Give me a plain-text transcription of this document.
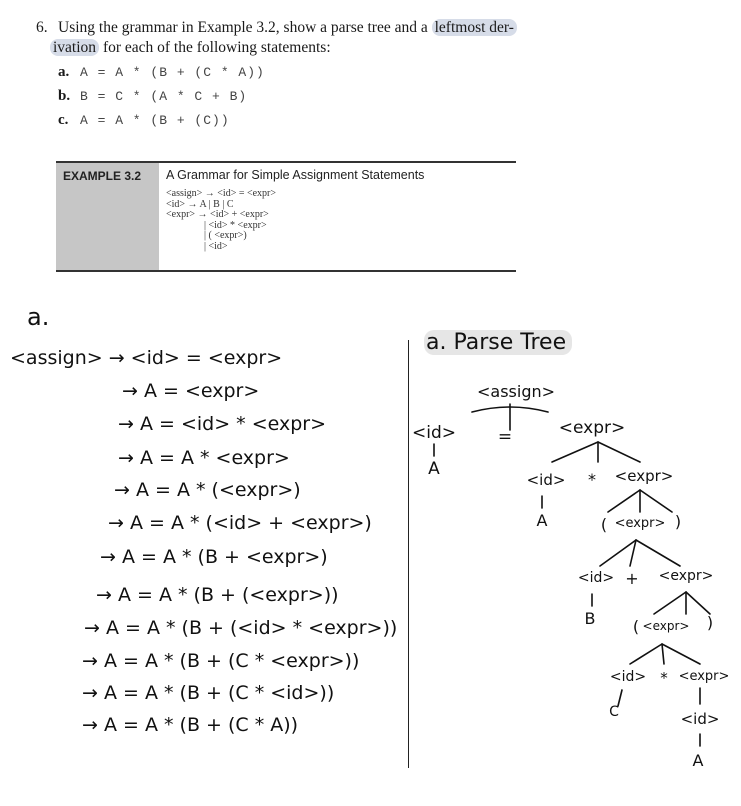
6. Using the grammar in Example 3.2, show a parse tree and a leftmost der-
ivation for each of the following statements:
a. A = A * (B + (C * A))
b. B = C * (A * C + B)
c. A = A * (B + (C))
EXAMPLE 3.2 A Grammar for Simple Assignment Statements
<assign> → <id> = <expr>
<id> → A | B | C
<expr> → <id> + <expr>
| <id> * <expr>
| ( <expr>)
| <id>
a.
<assign> → <id> = <expr>
→ A = <expr>
→ A = <id> * <expr>
→ A = A * <expr>
→ A = A * (<expr>)
→ A = A * (<id> + <expr>)
→ A = A * (B + <expr>)
→ A = A * (B + (<expr>))
→ A = A * (B + (<id> * <expr>))
→ A = A * (B + (C * <expr>))
→ A = A * (B + (C * <id>))
→ A = A * (B + (C * A))
a. Parse Tree
<assign>
<id> =	<expr>
A
<id> * <expr>
A	( <expr> )
<id> + <expr>
B ( <expr> )
<id> * <expr>
C	<id>
A
